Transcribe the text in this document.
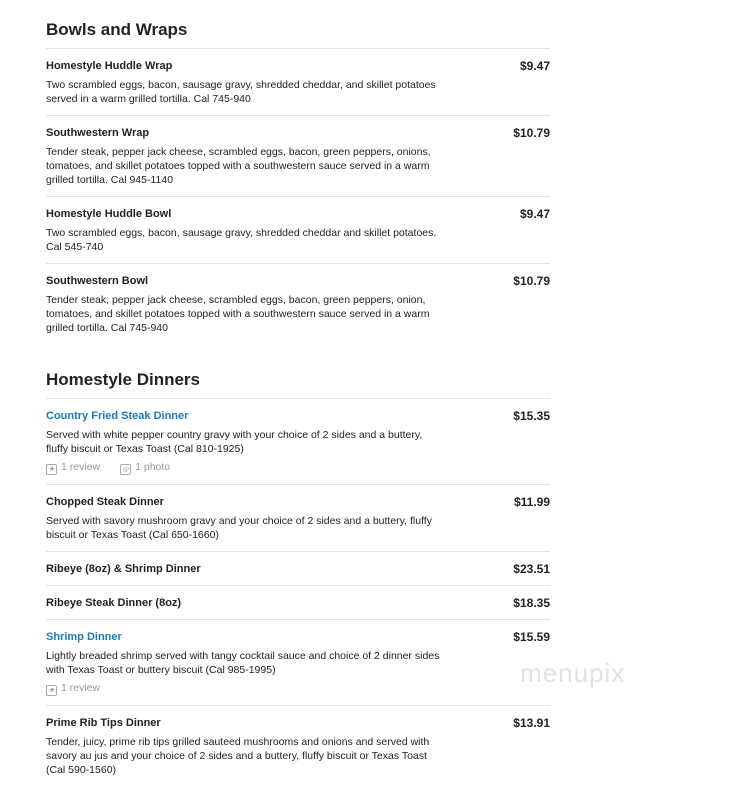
Bowls and Wraps
Homestyle Huddle Wrap	$9.47
Two scrambled eggs, bacon, sausage gravy, shredded cheddar, and skillet potatoes served in a warm grilled tortilla. Cal 745-940
Southwestern Wrap	$10.79
Tender steak, pepper jack cheese, scrambled eggs, bacon, green peppers, onions, tomatoes, and skillet potatoes topped with a southwestern sauce served in a warm grilled tortilla. Cal 945-1140
Homestyle Huddle Bowl	$9.47
Two scrambled eggs, bacon, sausage gravy, shredded cheddar and skillet potatoes. Cal 545-740
Southwestern Bowl	$10.79
Tender steak, pepper jack cheese, scrambled eggs, bacon, green peppers, onion, tomatoes, and skillet potatoes topped with a southwestern sauce served in a warm grilled tortilla. Cal 745-940
Homestyle Dinners
Country Fried Steak Dinner	$15.35
Served with white pepper country gravy with your choice of 2 sides and a buttery, fluffy biscuit or Texas Toast (Cal 810-1925)
★ 1 review	◎ 1 photo
Chopped Steak Dinner	$11.99
Served with savory mushroom gravy and your choice of 2 sides and a buttery, fluffy biscuit or Texas Toast (Cal 650-1660)
Ribeye (8oz) & Shrimp Dinner	$23.51
Ribeye Steak Dinner (8oz)	$18.35
Shrimp Dinner	$15.59
Lightly breaded shrimp served with tangy cocktail sauce and choice of 2 dinner sides with Texas Toast or buttery biscuit (Cal 985-1995)
★ 1 review
Prime Rib Tips Dinner	$13.91
Tender, juicy, prime rib tips grilled sauteed mushrooms and onions and served with savory au jus and your choice of 2 sides and a buttery, fluffy biscuit or Texas Toast (Cal 590-1560)
menupix
